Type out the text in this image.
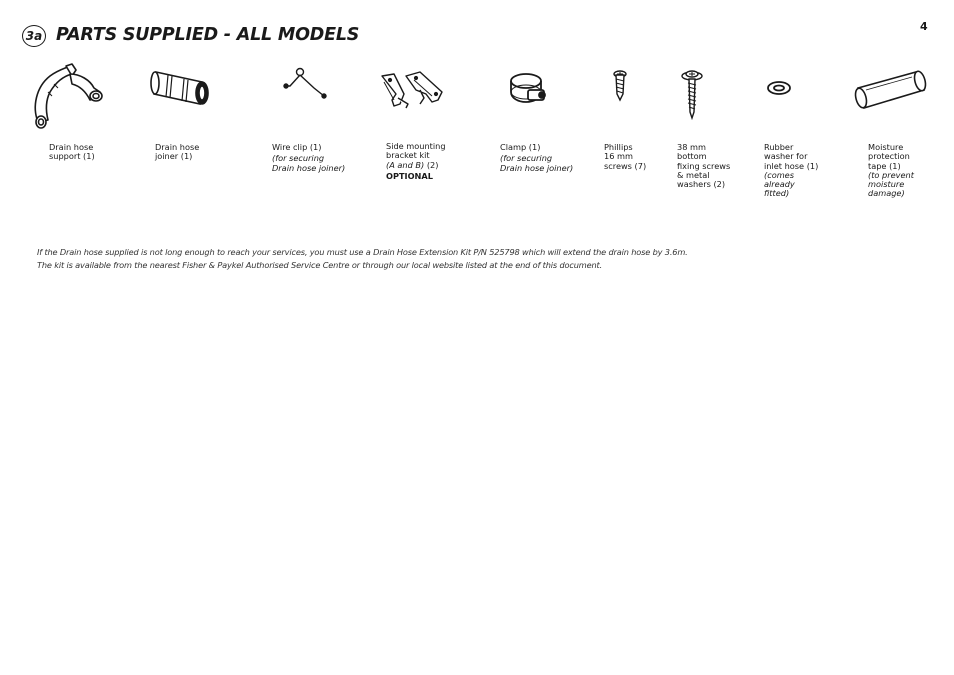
4
3a PARTS SUPPLIED - ALL MODELS
Drain hose
support (1)
Drain hose
joiner (1)
Wire clip (1)
(for securing
Drain hose joiner)
Side mounting
bracket kit
(A and B) (2)
OPTIONAL
Clamp (1)
(for securing
Drain hose joiner)
Phillips
16 mm
screws (7)
38 mm
bottom
fixing screws
& metal
washers (2)
Rubber
washer for
inlet hose (1)
(comes
already
fitted)
Moisture
protection
tape (1)
(to prevent
moisture
damage)
If the Drain hose supplied is not long enough to reach your services, you must use a Drain Hose Extension Kit P/N 525798 which will extend the drain hose by 3.6m.
The kit is available from the nearest Fisher & Paykel Authorised Service Centre or through our local website listed at the end of this document.
